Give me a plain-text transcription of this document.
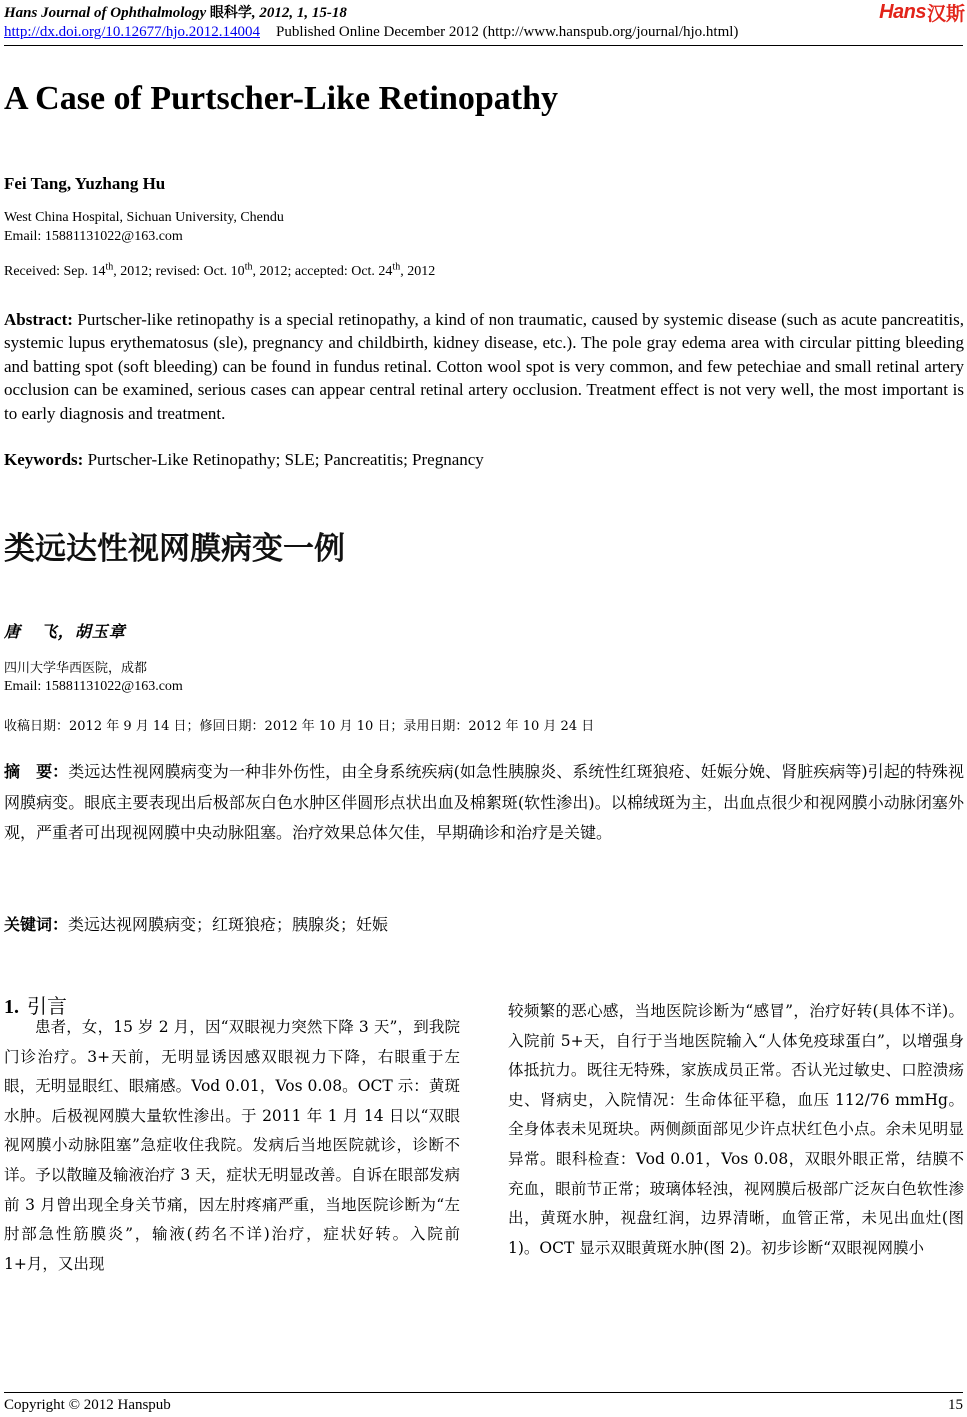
Hans Journal of Ophthalmology 眼科学, 2012, 1, 15-18	Hans 汉斯
http://dx.doi.org/10.12677/hjo.2012.14004 Published Online December 2012 (http://www.hanspub.org/journal/hjo.html)
A Case of Purtscher-Like Retinopathy
Fei Tang, Yuzhang Hu
West China Hospital, Sichuan University, Chendu
Email: 15881131022@163.com
Received: Sep. 14th, 2012; revised: Oct. 10th, 2012; accepted: Oct. 24th, 2012
Abstract: Purtscher-like retinopathy is a special retinopathy, a kind of non traumatic, caused by systemic disease (such as acute pancreatitis, systemic lupus erythematosus (sle), pregnancy and childbirth, kidney disease, etc.). The pole gray edema area with circular pitting bleeding and batting spot (soft bleeding) can be found in fundus retinal. Cotton wool spot is very common, and few petechiae and small retinal artery occlusion can be examined, serious cases can appear central retinal artery occlusion. Treatment effect is not very well, the most important is to early diagnosis and treatment.
Keywords: Purtscher-Like Retinopathy; SLE; Pancreatitis; Pregnancy
类远达性视网膜病变一例
唐   飞，胡玉章
四川大学华西医院，成都
Email: 15881131022@163.com
收稿日期：2012 年 9 月 14 日；修回日期：2012 年 10 月 10 日；录用日期：2012 年 10 月 24 日
摘　要：类远达性视网膜病变为一种非外伤性，由全身系统疾病(如急性胰腺炎、系统性红斑狼疮、妊娠分娩、肾脏疾病等)引起的特殊视网膜病变。眼底主要表现出后极部灰白色水肿区伴圆形点状出血及棉絮斑(软性渗出)。以棉绒斑为主，出血点很少和视网膜小动脉闭塞外观，严重者可出现视网膜中央动脉阻塞。治疗效果总体欠佳，早期确诊和治疗是关键。
关键词：类远达视网膜病变；红斑狼疮；胰腺炎；妊娠
1. 引言
患者，女，15 岁 2 月，因“双眼视力突然下降 3 天”，到我院门诊治疗。3+天前，无明显诱因感双眼视力下降，右眼重于左眼，无明显眼红、眼痛感。Vod 0.01，Vos 0.08。OCT 示：黄斑水肿。后极视网膜大量软性渗出。于 2011 年 1 月 14 日以“双眼视网膜小动脉阻塞”急症收住我院。发病后当地医院就诊，诊断不详。予以散瞳及输液治疗 3 天，症状无明显改善。自诉在眼部发病前 3 月曾出现全身关节痛，因左肘疼痛严重，当地医院诊断为“左肘部急性筋膜炎”，输液(药名不详)治疗，症状好转。入院前 1+月，又出现
较频繁的恶心感，当地医院诊断为“感冒”，治疗好转(具体不详)。入院前 5+天，自行于当地医院输入“人体免疫球蛋白”，以增强身体抵抗力。既往无特殊，家族成员正常。否认光过敏史、口腔溃疡史、肾病史，入院情况：生命体征平稳，血压 112/76 mmHg。全身体表未见斑块。两侧颜面部见少许点状红色小点。余未见明显异常。眼科检查：Vod 0.01，Vos 0.08，双眼外眼正常，结膜不充血，眼前节正常；玻璃体轻浊，视网膜后极部广泛灰白色软性渗出，黄斑水肿，视盘红润，边界清晰，血管正常，未见出血灶(图 1)。OCT 显示双眼黄斑水肿(图 2)。初步诊断“双眼视网膜小
Copyright © 2012 Hanspub	15
